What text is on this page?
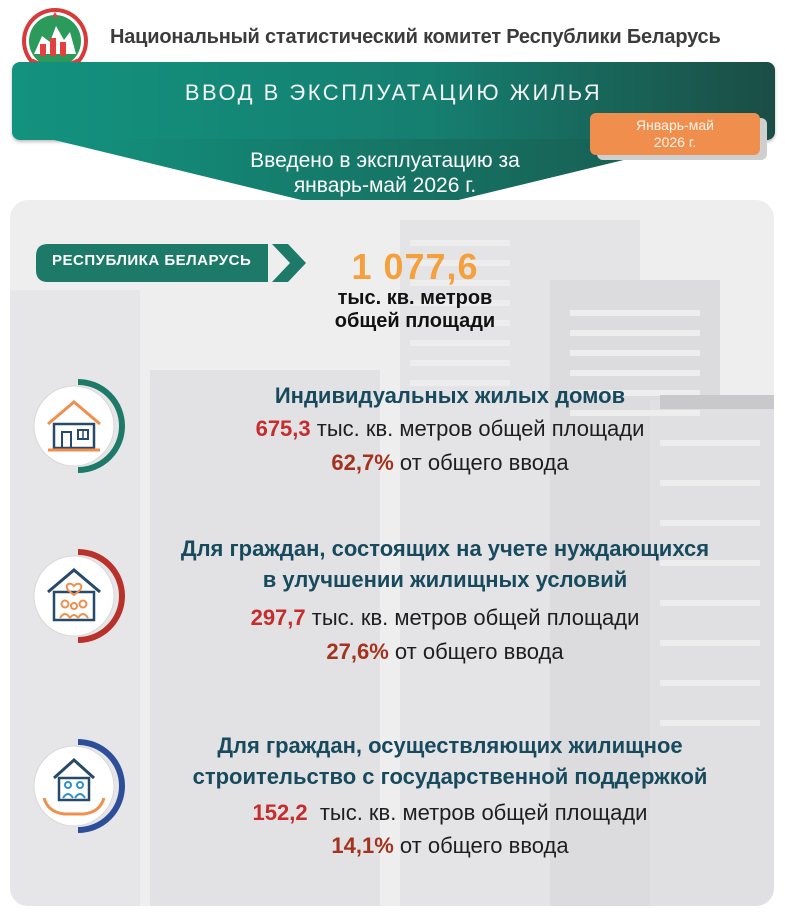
Национальный статистический комитет Республики Беларусь
ВВОД В ЭКСПЛУАТАЦИЮ ЖИЛЬЯ
Введено в эксплуатацию за
январь-май 2026 г.
Январь-май
2026 г.
РЕСПУБЛИКА БЕЛАРУСЬ	1 077,6
тыс. кв. метров
общей площади
Индивидуальных жилых домов
675,3 тыс. кв. метров общей площади
62,7% от общего ввода
Для граждан, состоящих на учете нуждающихся
в улучшении жилищных условий
297,7 тыс. кв. метров общей площади
27,6% от общего ввода
Для граждан, осуществляющих жилищное
строительство с государственной поддержкой
152,2  тыс. кв. метров общей площади
14,1% от общего ввода
